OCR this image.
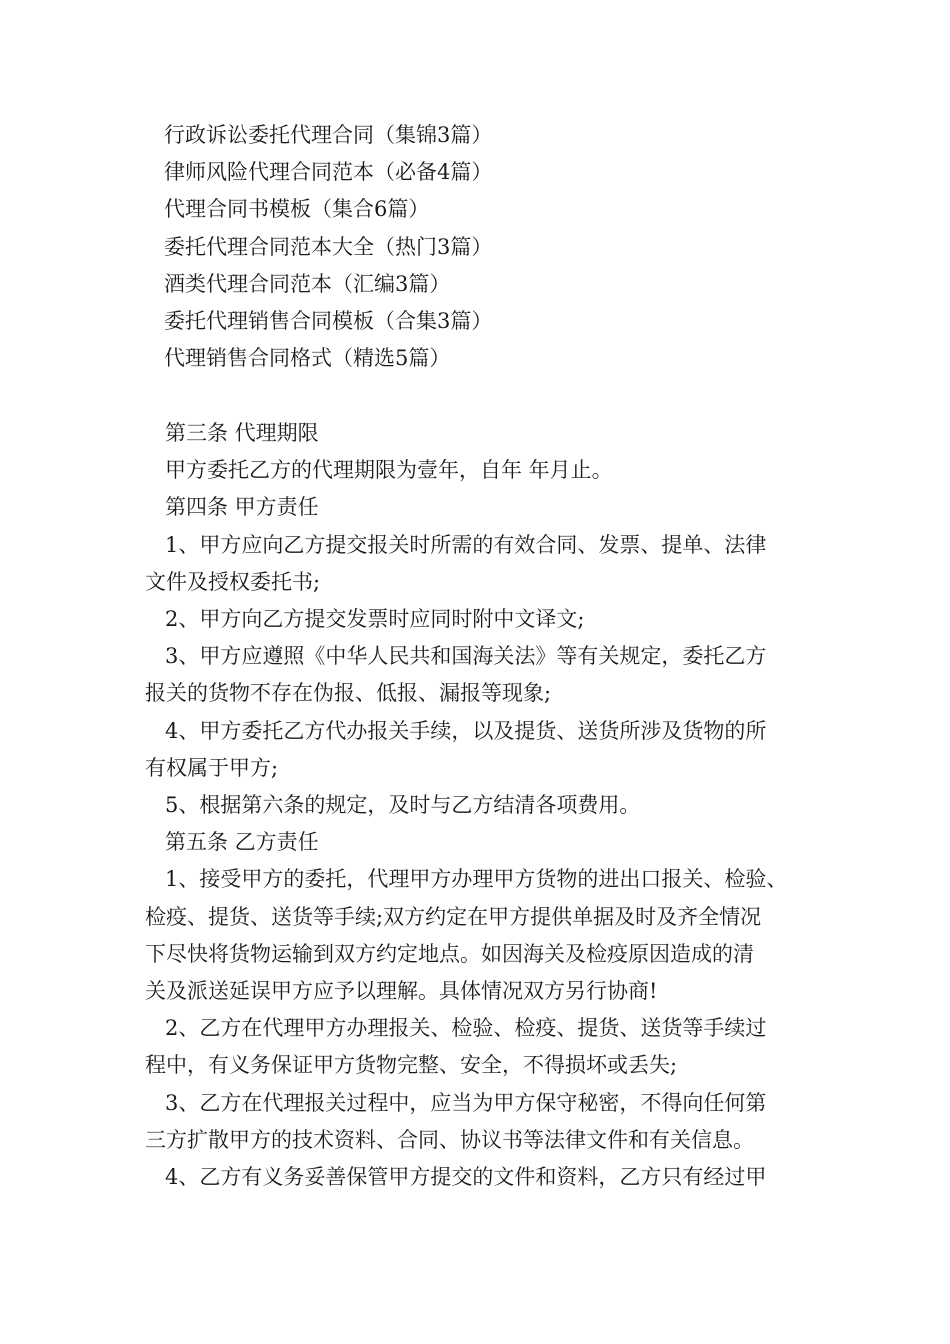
行政诉讼委托代理合同（集锦3篇）
律师风险代理合同范本（必备4篇）
代理合同书模板（集合6篇）
委托代理合同范本大全（热门3篇）
酒类代理合同范本（汇编3篇）
委托代理销售合同模板（合集3篇）
代理销售合同格式（精选5篇）
第三条 代理期限
甲方委托乙方的代理期限为壹年，自年 年月止。
第四条 甲方责任
1、甲方应向乙方提交报关时所需的有效合同、发票、提单、法律
文件及授权委托书;
2、甲方向乙方提交发票时应同时附中文译文;
3、甲方应遵照《中华人民共和国海关法》等有关规定，委托乙方
报关的货物不存在伪报、低报、漏报等现象;
4、甲方委托乙方代办报关手续，以及提货、送货所涉及货物的所
有权属于甲方;
5、根据第六条的规定，及时与乙方结清各项费用。
第五条 乙方责任
1、接受甲方的委托，代理甲方办理甲方货物的进出口报关、检验、
检疫、提货、送货等手续;双方约定在甲方提供单据及时及齐全情况
下尽快将货物运输到双方约定地点。如因海关及检疫原因造成的清
关及派送延误甲方应予以理解。具体情况双方另行协商!
2、乙方在代理甲方办理报关、检验、检疫、提货、送货等手续过
程中，有义务保证甲方货物完整、安全，不得损坏或丢失;
3、乙方在代理报关过程中，应当为甲方保守秘密，不得向任何第
三方扩散甲方的技术资料、合同、协议书等法律文件和有关信息。
4、乙方有义务妥善保管甲方提交的文件和资料，乙方只有经过甲
